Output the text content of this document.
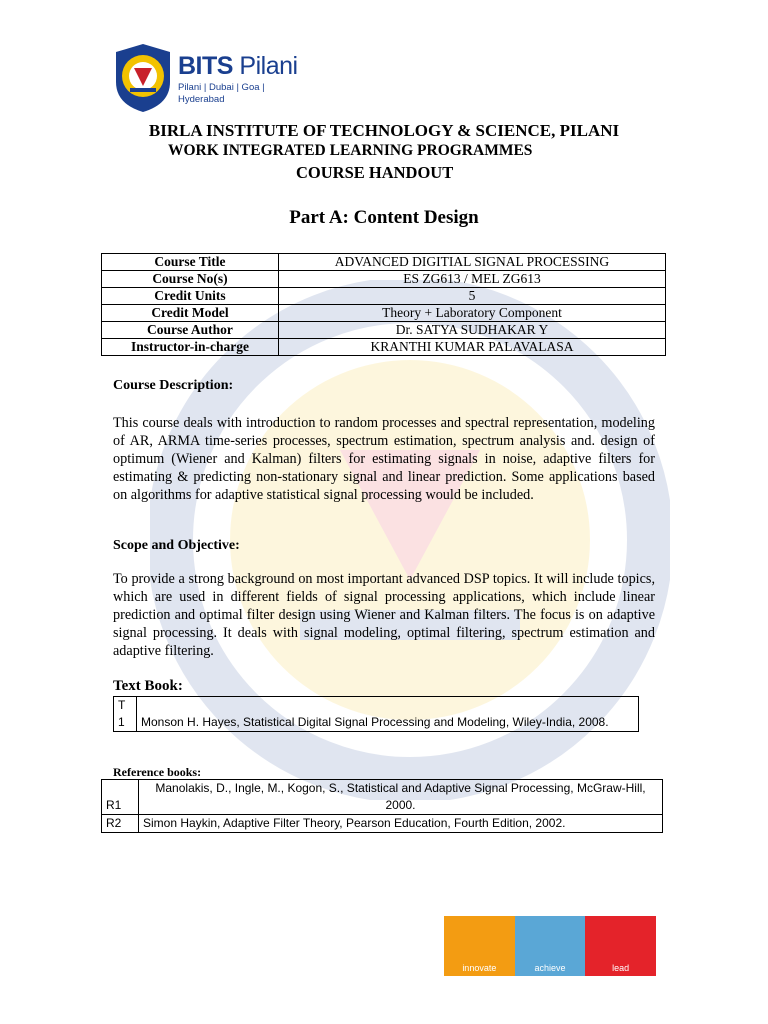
BITS Pilani
Pilani | Dubai | Goa | Hyderabad
BIRLA INSTITUTE OF TECHNOLOGY & SCIENCE, PILANI
WORK INTEGRATED LEARNING PROGRAMMES
COURSE HANDOUT
Part A: Content Design
Course Title	ADVANCED DIGITIAL SIGNAL PROCESSING
Course No(s)	ES ZG613 / MEL ZG613
Credit Units	5
Credit Model	Theory + Laboratory Component
Course Author	Dr. SATYA SUDHAKAR Y
Instructor-in-charge	KRANTHI KUMAR PALAVALASA
Course Description:
This course deals with introduction to random processes and spectral representation, modeling of AR, ARMA time-series processes, spectrum estimation, spectrum analysis and. design of optimum (Wiener and Kalman) filters for estimating signals in noise, adaptive filters for estimating & predicting non-stationary signal and linear prediction. Some applications based on algorithms for adaptive statistical signal processing would be included.
Scope and Objective:
To provide a strong background on most important advanced DSP topics. It will include topics, which are used in different fields of signal processing applications, which include linear prediction and optimal filter design using Wiener and Kalman filters. The focus is on adaptive signal processing. It deals with signal modeling, optimal filtering, spectrum estimation and adaptive filtering.
Text Book:
T 1	Monson H. Hayes, Statistical Digital Signal Processing and Modeling, Wiley-India, 2008.
Reference books:
R1	Manolakis, D., Ingle, M., Kogon, S., Statistical and Adaptive Signal Processing, McGraw-Hill, 2000.
R2	Simon Haykin, Adaptive Filter Theory, Pearson Education, Fourth Edition, 2002.
innovate	achieve	lead
